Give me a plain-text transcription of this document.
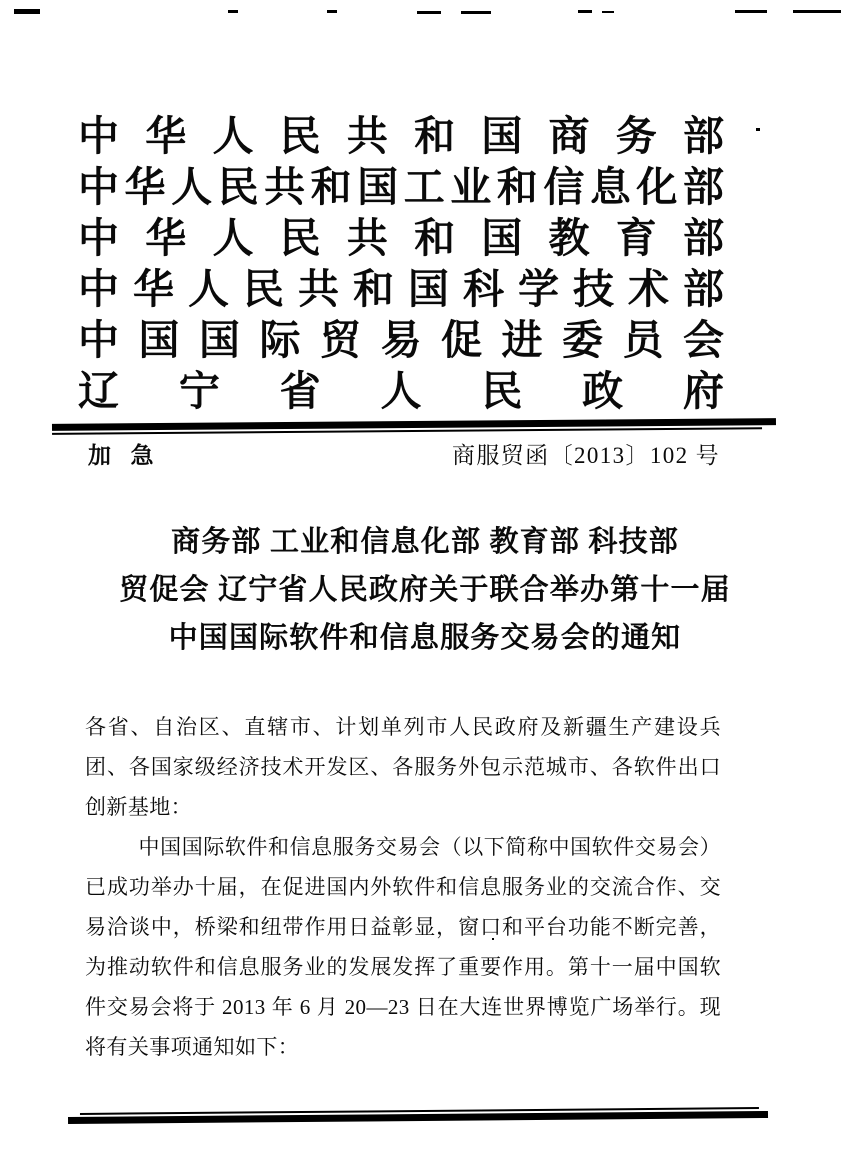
中 华 人 民 共 和 国 商 务 部
中 华 人 民 共 和 国 工 业 和 信 息 化 部
中 华 人 民 共 和 国 教 育 部
中 华 人 民 共 和 国 科 学 技 术 部
中 国 国 际 贸 易 促 进 委 员 会
辽 宁 省 人 民 政 府
加急	商服贸函〔2013〕102 号
商务部 工业和信息化部 教育部 科技部
贸促会 辽宁省人民政府关于联合举办第十一届
中国国际软件和信息服务交易会的通知

各省、自治区、直辖市、计划单列市人民政府及新疆生产建设兵团、各国家级经济技术开发区、各服务外包示范城市、各软件出口创新基地：

中国国际软件和信息服务交易会（以下简称中国软件交易会）已成功举办十届，在促进国内外软件和信息服务业的交流合作、交易洽谈中，桥梁和纽带作用日益彰显，窗口和平台功能不断完善，为推动软件和信息服务业的发展发挥了重要作用。第十一届中国软件交易会将于 2013 年 6 月 20—23 日在大连世界博览广场举行。现将有关事项通知如下：
